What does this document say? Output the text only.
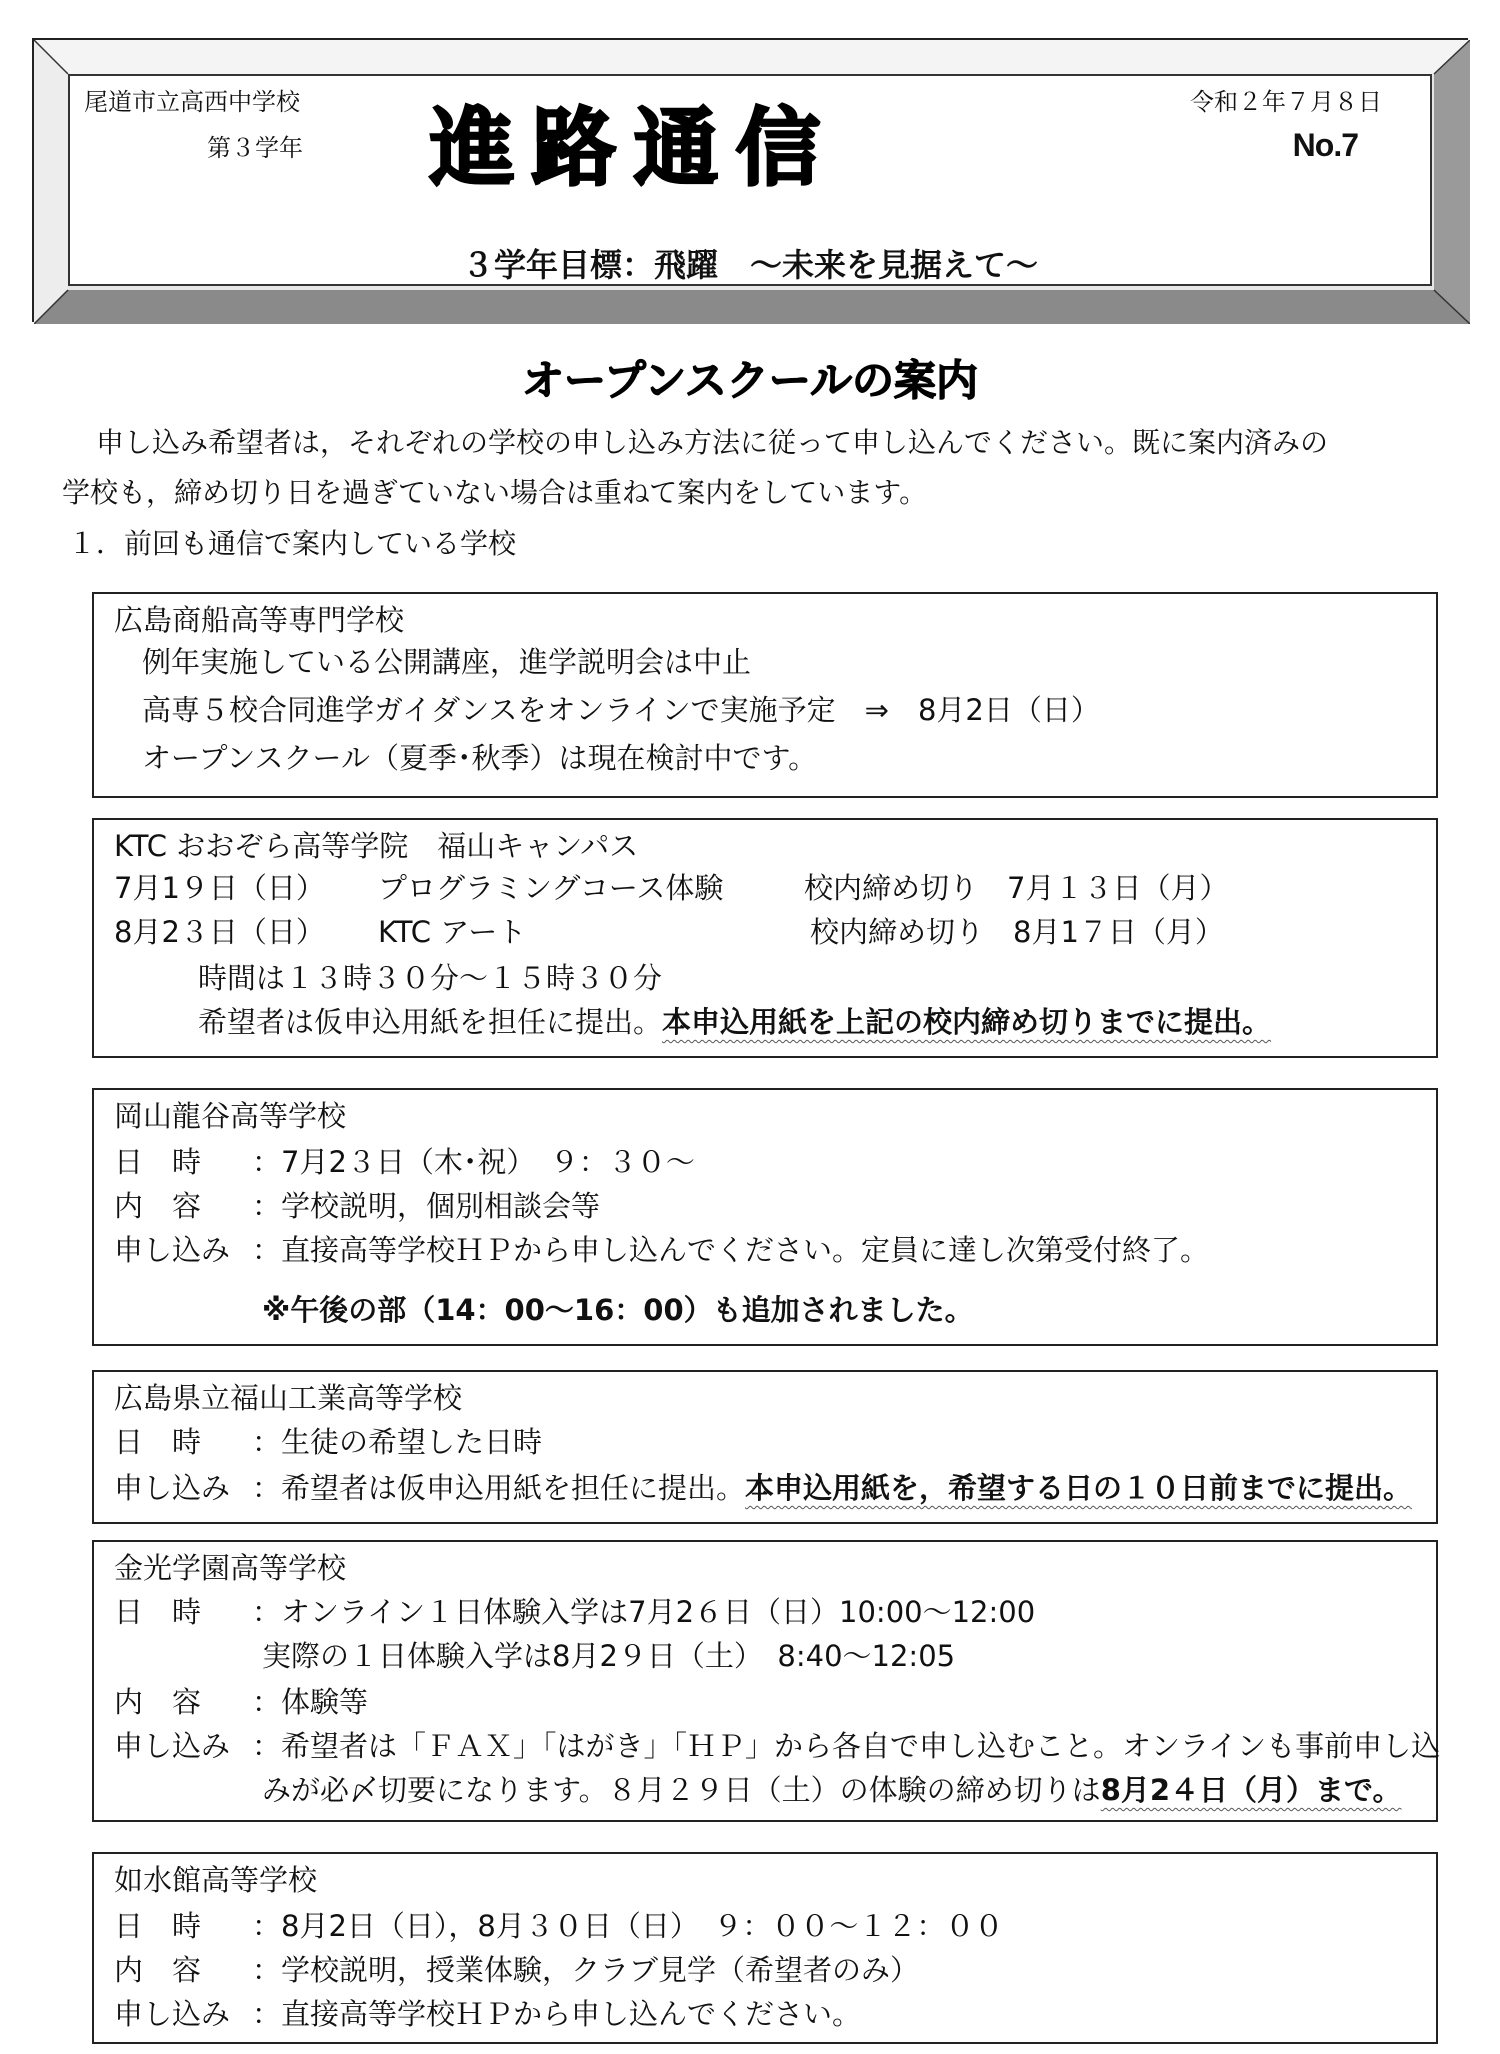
尾道市立高西中学校
第３学年
令和２年７月８日
No.7
進路通信
３学年目標：飛躍　～未来を見据えて～
オープンスクールの案内
申し込み希望者は，それぞれの学校の申し込み方法に従って申し込んでください。既に案内済みの
学校も，締め切り日を過ぎていない場合は重ねて案内をしています。
１．前回も通信で案内している学校
広島商船高等専門学校
例年実施している公開講座，進学説明会は中止
高専５校合同進学ガイダンスをオンラインで実施予定　⇒　8月2日（日）
オープンスクール（夏季･秋季）は現在検討中です。
KTC おおぞら高等学院　福山キャンパス
7月1９日（日） プログラミングコース体験	校内締め切り　7月１３日（月）
8月2３日（日） KTC アート	校内締め切り　8月1７日（月）
時間は１３時３０分～１５時３０分
希望者は仮申込用紙を担任に提出。本申込用紙を上記の校内締め切りまでに提出。
岡山龍谷高等学校
日　時 ：7月2３日（木･祝）　９：３０～
内　容 ：学校説明，個別相談会等
申し込み ：直接高等学校ＨＰから申し込んでください。定員に達し次第受付終了。
※午後の部（14：00～16：00）も追加されました。
広島県立福山工業高等学校
日　時 ：生徒の希望した日時
申し込み ：希望者は仮申込用紙を担任に提出。本申込用紙を，希望する日の１０日前までに提出。
金光学園高等学校
日　時 ：オンライン１日体験入学は7月2６日（日）10:00～12:00
実際の１日体験入学は8月2９日（土）　8:40～12:05
内　容 ：体験等
申し込み ：希望者は「ＦＡＸ」「はがき」「ＨＰ」から各自で申し込むこと。オンラインも事前申し込
みが必〆切要になります。８月２９日（土）の体験の締め切りは8月2４日（月）まで。
如水館高等学校
日　時 ：8月2日（日），8月３０日（日）　９：００～１２：００
内　容 ：学校説明，授業体験，クラブ見学（希望者のみ）
申し込み ：直接高等学校ＨＰから申し込んでください。
